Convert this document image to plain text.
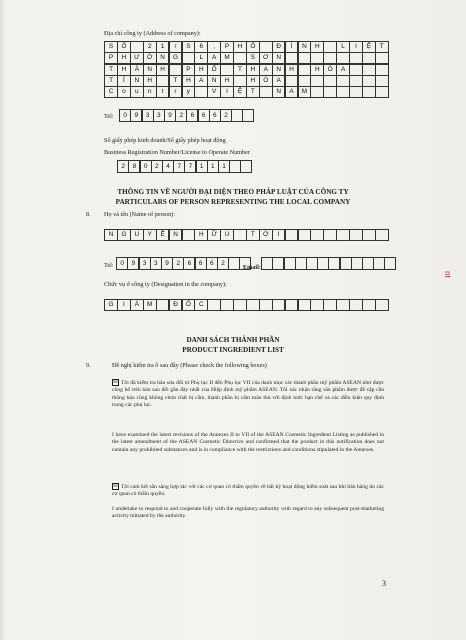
Địa chỉ công ty (Address of company):
S	Ố	2	1	/	S	6	,	P	H	Ố	Đ	Ì	N	H	L	I	Ệ	T
P	H	Ư	Ờ	N	G	L	A	M	S	Ơ	N
T	H	À	N	H	P	H	Ố	T	H	A	N	H	H	Ó	A
T	Ỉ	N	H	T	H	A	N	H	H	Ó	A
C	o	u	n	t	r	y	V	I	Ệ	T	N	A	M
Tel:	0	9	3	3	9	2	6	6	6	2
Số giấy phép kinh doanh/Số giấy phép hoạt động
Business Registration Number/License to Operate Number
2	8	0	2	4	7	7	1	1	1
THÔNG TIN VỀ NGƯỜI ĐẠI DIỆN THEO PHÁP LUẬT CỦA CÔNG TY
PARTICULARS OF PERSON REPRESENTING THE LOCAL COMPANY
8. Họ và tên (Name of person):
N	G	U	Y	Ễ	N	H	Ữ	U	T	Ớ	I
Tel:	0	9	3	3	9	2	6	6	6	2
Email:
Chức vụ ở công ty (Designation in the company):
G	I	Á	M	Đ	Ố	C
DANH SÁCH THÀNH PHẦN
PRODUCT INGREDIENT LIST
9.	Đề nghị kiểm tra ô sau đây (Please check the following boxes)
☒ Tôi đã kiểm tra bản sửa đổi từ Phụ lục II đến Phụ lục VII của danh mục các thành phần mỹ phẩm ASEAN như được công bố trên bản sao đối gần đây nhất của Hiệp định mỹ phẩm ASEAN. Tôi xác nhận rằng sản phẩm được đề cập cần thông báo cũng không chứa chất bị cấm, thành phần bị cấm tuân thủ với định mức hạn chế và các điều kiện quy định trong các phụ lục.
I have examined the latest revisions of the Annexes II to VII of the ASEAN Cosmetic Ingredient Listing as published in the latest amendment of the ASEAN Cosmetic Directive and confirmed that the product in this notification does not contain any prohibited substances and is in compliance with the restrictions and conditions stipulated in the Annexes.
☒ Tôi cam kết sẵn sàng hợp tác với các cơ quan có thẩm quyền về bất kỳ hoạt động kiểm soát sau khi bán hàng do các cơ quan có thẩm quyền.
I undertake to respond to and cooperate fully with the regulatory authority with regard to any subsequent post-marketing activity initiated by the authority.
3
nt
